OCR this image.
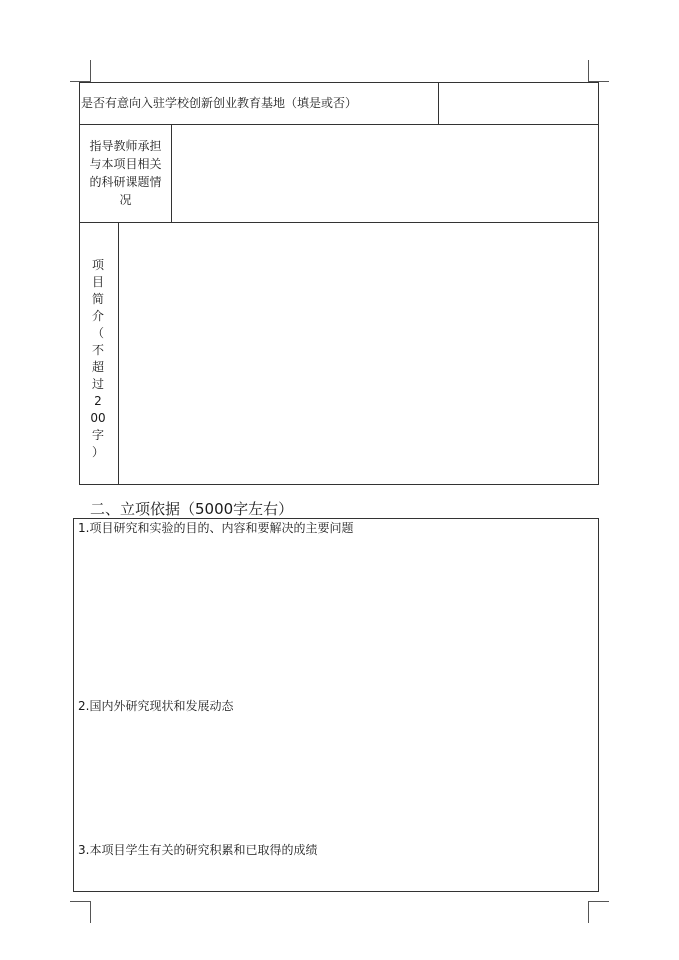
是否有意向入驻学校创新创业教育基地（填是或否）
指导教师承担
与本项目相关
的科研课题情
况
项
目
简
介
（
不
超
过2
00
字
）
二、立项依据（5000字左右）
1.项目研究和实验的目的、内容和要解决的主要问题
2.国内外研究现状和发展动态
3.本项目学生有关的研究积累和已取得的成绩
